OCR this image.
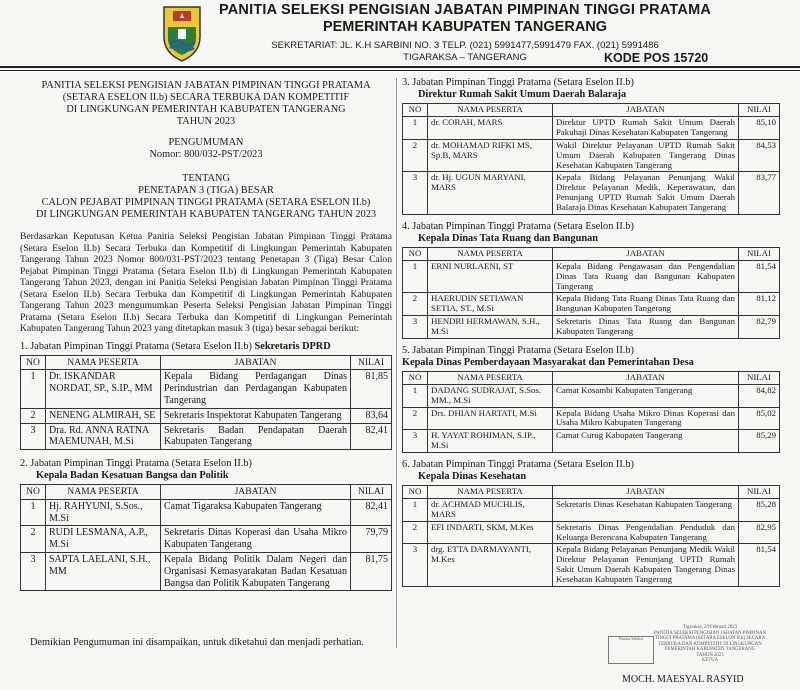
PANITIA SELEKSI PENGISIAN JABATAN PIMPINAN TINGGI PRATAMA
PEMERINTAH KABUPATEN TANGERANG
SEKRETARIAT: JL. K.H SARBINI NO. 3 TELP. (021) 5991477,5991479 FAX. (021) 5991486
TIGARAKSA – TANGERANG	KODE POS 15720
PANITIA SELEKSI PENGISIAN JABATAN PIMPINAN TINGGI PRATAMA
(SETARA ESELON II.b) SECARA TERBUKA DAN KOMPETITIF
DI LINGKUNGAN PEMERINTAH KABUPATEN TANGERANG
TAHUN 2023
PENGUMUMAN
Nomor: 800/032-PST/2023
TENTANG
PENETAPAN 3 (TIGA) BESAR
CALON PEJABAT PIMPINAN TINGGI PRATAMA (SETARA ESELON II.b)
DI LINGKUNGAN PEMERINTAH KABUPATEN TANGERANG TAHUN 2023
Berdasarkan Keputusan Ketua Panitia Seleksi Pengisian Jabatan Pimpinan Tinggi Pratama (Setara Eselon II.b) Secara Terbuka dan Kompetitif di Lingkungan Pemerintah Kabupaten Tangerang Tahun 2023 Nomor 800/031-PST/2023 tentang Penetapan 3 (Tiga) Besar Calon Pejabat Pimpinan Tinggi Pratama (Setara Eselon II.b) di Lingkungan Pemerintah Kabupaten Tangerang Tahun 2023, dengan ini Panitia Seleksi Pengisian Jabatan Pimpinan Tinggi Pratama (Setara Eselon II.b) Secara Terbuka dan Kompetitif di Lingkungan Pemerintah Kabupaten Tangerang Tahun 2023 mengumumkan Peserta Seleksi Pengisian Jabatan Pimpinan Tinggi Pratama (Setara Eselon II.b) Secara Terbuka dan Kompetitif di Lingkungan Pemerintah Kabupaten Tangerang Tahun 2023 yang ditetapkan masuk 3 (tiga) besar sebagai berikut:
1. Jabatan Pimpinan Tinggi Pratama (Setara Eselon II.b) Sekretaris DPRD
NO	NAMA PESERTA	JABATAN	NILAI
1	Dr. ISKANDAR NORDAT, SP., S.IP., MM	Kepala Bidang Perdagangan Dinas Perindustrian dan Perdagangan Kabupaten Tangerang	81,85
2	NENENG ALMIRAH, SE	Sekretaris Inspektorat Kabupaten Tangerang	83,64
3	Dra. Rd. ANNA RATNA MAEMUNAH, M.Si	Sekretaris Badan Pendapatan Daerah Kabupaten Tangerang	82,41
2. Jabatan Pimpinan Tinggi Pratama (Setara Eselon II.b)
Kepala Badan Kesatuan Bangsa dan Politik
NO	NAMA PESERTA	JABATAN	NILAI
1	Hj. RAHYUNI, S.Sos., M.Si	Camat Tigaraksa Kabupaten Tangerang	82,41
2	RUDI LESMANA, A.P., M.Si	Sekretaris Dinas Koperasi dan Usaha Mikro Kabupaten Tangerang	79,79
3	SAPTA LAELANI, S.H., MM	Kepala Bidang Politik Dalam Negeri dan Organisasi Kemasyarakatan Badan Kesatuan Bangsa dan Politik Kabupaten Tangerang	81,75
3. Jabatan Pimpinan Tinggi Pratama (Setara Eselon II.b)
Direktur Rumah Sakit Umum Daerah Balaraja
NO	NAMA PESERTA	JABATAN	NILAI
1	dr. CORAH, MARS	Direktur UPTD Rumah Sakit Umum Daerah Pakuhaji Dinas Kesehatan Kabupaten Tangerang	85,10
2	dr. MOHAMAD RIFKI MS, Sp.B, MARS	Wakil Direktur Pelayanan UPTD Rumah Sakit Umum Daerah Kabupaten Tangerang Dinas Kesehatan Kabupaten Tangerang	84,53
3	dr. Hj. UGUN MARYANI, MARS	Kepala Bidang Pelayanan Penunjang Wakil Direktur Pelayanan Medik, Keperawatan, dan Penunjang UPTD Rumah Sakit Umum Daerah Balaraja Dinas Kesehatan Kabupaten Tangerang	83,77
4. Jabatan Pimpinan Tinggi Pratama (Setara Eselon II.b)
Kepala Dinas Tata Ruang dan Bangunan
NO	NAMA PESERTA	JABATAN	NILAI
1	ERNI NURLAENI, ST	Kepala Bidang Pengawasan dan Pengendalian Dinas Tata Ruang dan Bangunan Kabupaten Tangerang	81,54
2	HAERUDIN SETIAWAN SETIA, ST., M.Si	Kepala Bidang Tata Ruang Dinas Tata Ruang dan Bangunan Kabupaten Tangerang	81,12
3	HENDRI HERMAWAN, S.H., M.Si	Sekretaris Dinas Tata Ruang dan Bangunan Kabupaten Tangerang	82,79
5. Jabatan Pimpinan Tinggi Pratama (Setara Eselon II.b)
Kepala Dinas Pemberdayaan Masyarakat dan Pemerintahan Desa
NO	NAMA PESERTA	JABATAN	NILAI
1	DADANG SUDRAJAT, S.Sos. MM., M.Si	Camat Kosambi Kabupaten Tangerang	84,82
2	Drs. DHIAN HARTATI, M.Si	Kepala Bidang Usaha Mikro Dinas Koperasi dan Usaha Mikro Kabupaten Tangerang	85,02
3	H. YAYAT ROHIMAN, S.IP., M.Si	Camat Curug Kabupaten Tangerang	85,29
6. Jabatan Pimpinan Tinggi Pratama (Setara Eselon II.b)
Kepala Dinas Kesehatan
NO	NAMA PESERTA	JABATAN	NILAI
1	dr. ACHMAD MUCHLIS, MARS	Sekretaris Dinas Kesehatan Kabupaten Tangerang	85,28
2	EFI INDARTI, SKM, M.Kes	Sekretaris Dinas Pengendalian Penduduk dan Keluarga Berencana Kabupaten Tangerang	82,95
3	drg. ETTA DARMAYANTI, M.Kes	Kepala Bidang Pelayanan Penunjang Medik Wakil Direktur Pelayanan Penunjang UPTD Rumah Sakit Umum Daerah Kabupaten Tangerang Dinas Kesehatan Kabupaten Tangerang	81,54
Demikian Pengumuman ini disampaikan, untuk diketahui dan menjadi perhatian.	Panitia Seleksi
Tigaraksa, 20 Februari 2023
PANITIA SELEKSI PENGISIAN JABATAN PIMPINAN
TINGGI PRATAMA (SETARA ESELON II.b) SECARA
TERBUKA DAN KOMPETITIF DI LINGKUNGAN
PEMERINTAH KABUPATEN TANGERANG
TAHUN 2023
KETUA
MOCH. MAESYAL RASYID
